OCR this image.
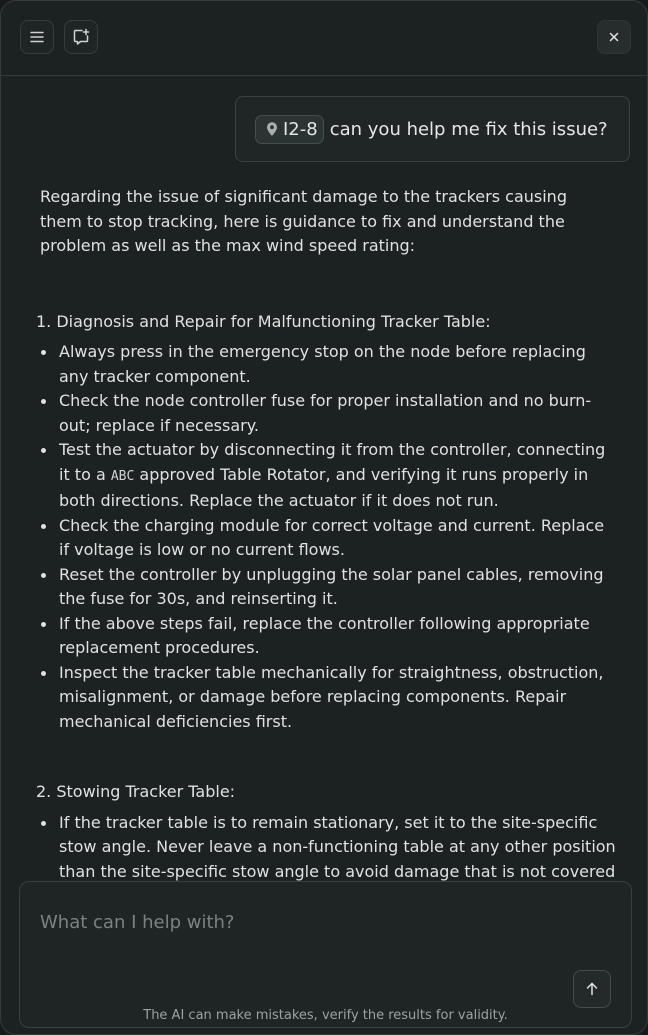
I2-8 can you help me fix this issue?

Regarding the issue of significant damage to the trackers causing them to stop tracking, here is guidance to fix and understand the problem as well as the max wind speed rating:

1. Diagnosis and Repair for Malfunctioning Tracker Table:

Always press in the emergency stop on the node before replacing any tracker component.
Check the node controller fuse for proper installation and no burn-out; replace if necessary.
Test the actuator by disconnecting it from the controller, connecting it to a ABC approved Table Rotator, and verifying it runs properly in both directions. Replace the actuator if it does not run.
Check the charging module for correct voltage and current. Replace if voltage is low or no current flows.
Reset the controller by unplugging the solar panel cables, removing the fuse for 30s, and reinserting it.
If the above steps fail, replace the controller following appropriate replacement procedures.
Inspect the tracker table mechanically for straightness, obstruction, misalignment, or damage before replacing components. Repair mechanical deficiencies first.

2. Stowing Tracker Table:

If the tracker table is to remain stationary, set it to the site-specific stow angle. Never leave a non-functioning table at any other position than the site-specific stow angle to avoid damage that is not covered
What can I help with?
The AI can make mistakes, verify the results for validity.
